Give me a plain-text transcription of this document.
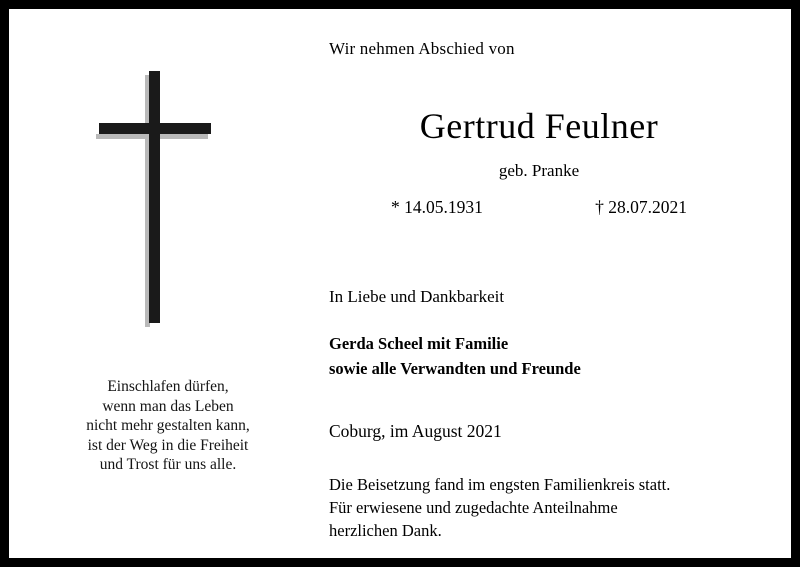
Einschlafen dürfen,
wenn man das Leben
nicht mehr gestalten kann,
ist der Weg in die Freiheit
und Trost für uns alle.
Wir nehmen Abschied von
Gertrud Feulner
geb. Pranke
* 14.05.1931	† 28.07.2021
In Liebe und Dankbarkeit
Gerda Scheel mit Familie
sowie alle Verwandten und Freunde
Coburg, im August 2021
Die Beisetzung fand im engsten Familienkreis statt.
Für erwiesene und zugedachte Anteilnahme
herzlichen Dank.
